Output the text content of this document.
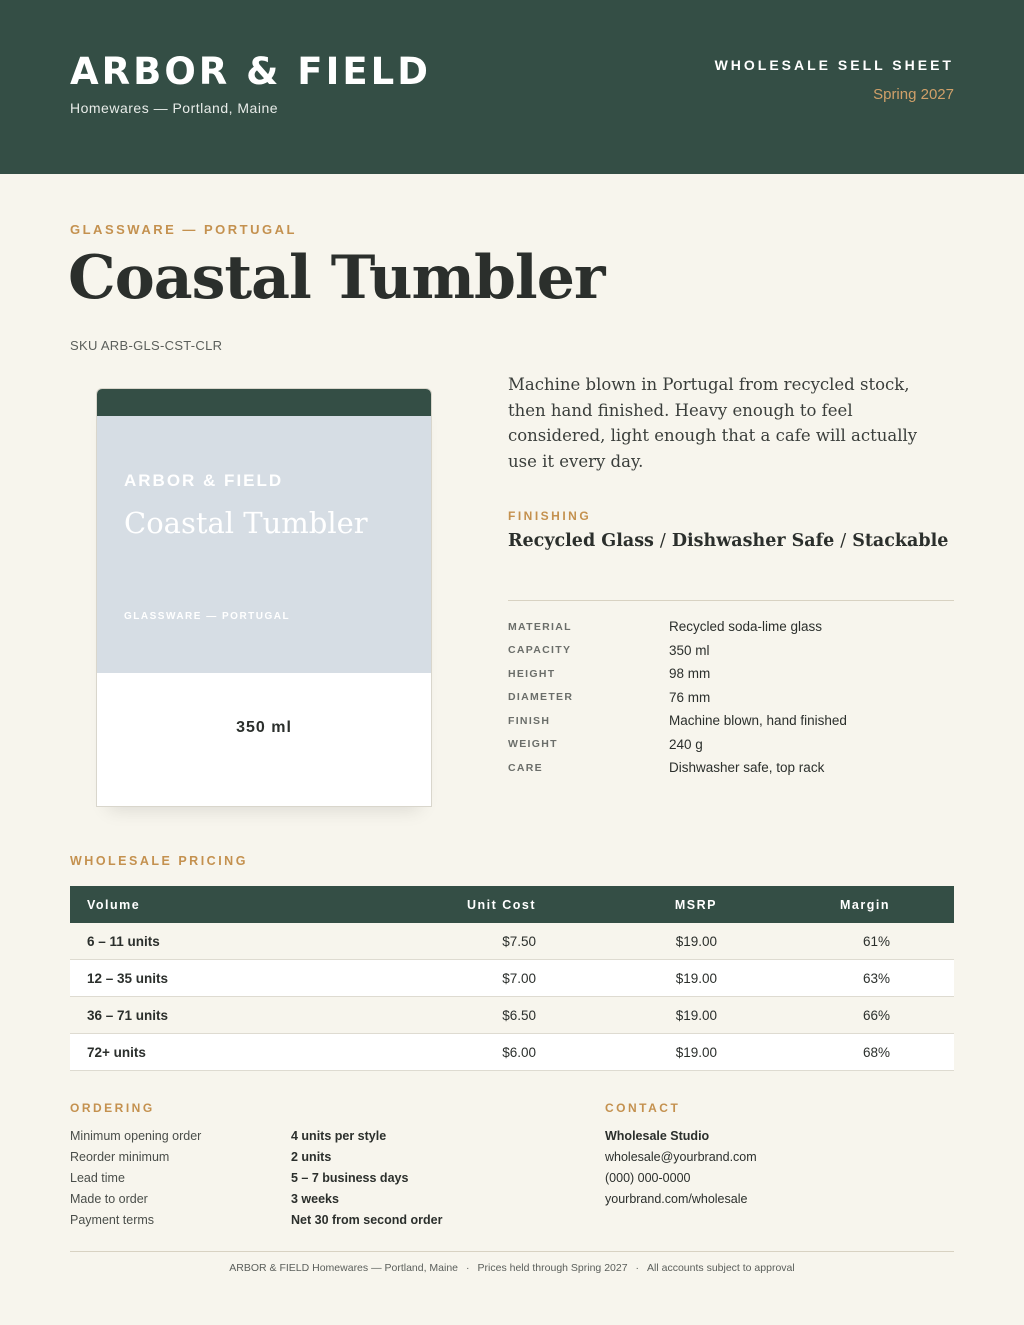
ARBOR & FIELD
Homewares — Portland, Maine
WHOLESALE SELL SHEET
Spring 2027
GLASSWARE — PORTUGAL
Coastal Tumbler
SKU ARB-GLS-CST-CLR
ARBOR & FIELD
Coastal Tumbler
GLASSWARE — PORTUGAL
350 ml
Machine blown in Portugal from recycled stock, then hand finished. Heavy enough to feel considered, light enough that a cafe will actually use it every day.
FINISHING
Recycled Glass / Dishwasher Safe / Stackable
MATERIAL	Recycled soda-lime glass
CAPACITY	350 ml
HEIGHT	98 mm
DIAMETER	76 mm
FINISH	Machine blown, hand finished
WEIGHT	240 g
CARE	Dishwasher safe, top rack
WHOLESALE PRICING
Volume	Unit Cost	MSRP	Margin
6 – 11 units	$7.50	$19.00	61%
12 – 35 units	$7.00	$19.00	63%
36 – 71 units	$6.50	$19.00	66%
72+ units	$6.00	$19.00	68%
ORDERING
Minimum opening order	4 units per style
Reorder minimum	2 units
Lead time	5 – 7 business days
Made to order	3 weeks
Payment terms	Net 30 from second order
CONTACT
Wholesale Studio
wholesale@yourbrand.com
(000) 000-0000
yourbrand.com/wholesale
ARBOR & FIELD Homewares — Portland, Maine · Prices held through Spring 2027 · All accounts subject to approval
